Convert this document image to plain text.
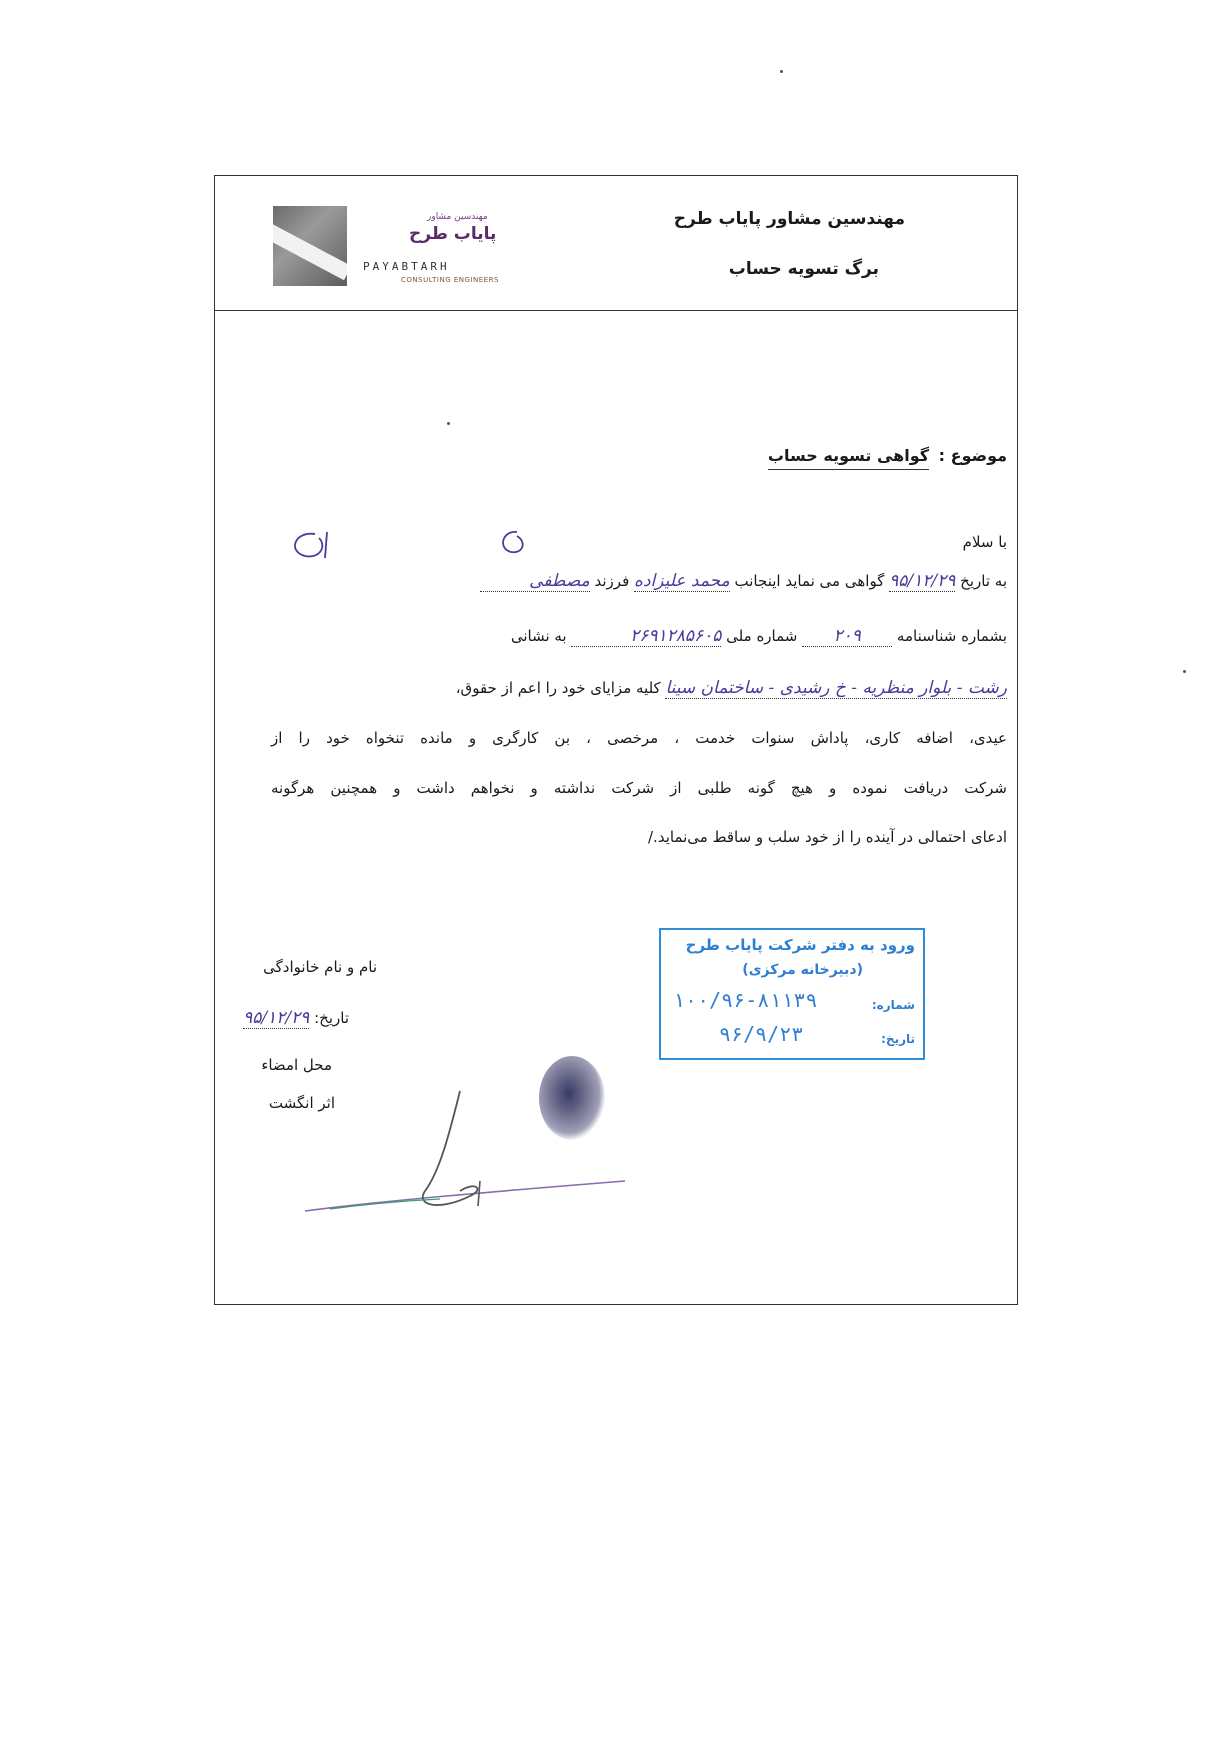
مهندسین مشاور پایاب طرح
برگ تسویه حساب
مهندسین مشاور
پایاب طرح
PAYABTARH
CONSULTING ENGINEERS
موضوع : گواهی تسویه حساب
با سلام
به تاریخ ۹۵/۱۲/۲۹ گواهی می نماید اینجانب محمد علیزاده فرزند مصطفی
بشماره شناسنامه ۲۰۹ شماره ملی ۲۶۹۱۲۸۵۶۰۵ به نشانی
رشت - بلوار منظریه - خ رشیدی - ساختمان سینا کلیه مزایای خود را اعم از حقوق،
عیدی، اضافه کاری، پاداش سنوات خدمت ، مرخصی ، بن کارگری و مانده تنخواه خود را از
شرکت دریافت نموده و هیچ گونه طلبی از شرکت نداشته و نخواهم داشت و همچنین هرگونه
ادعای احتمالی در آینده را از خود سلب و ساقط می‌نماید./
نام و نام خانوادگی
تاریخ: ۹۵/۱۲/۲۹
محل امضاء
اثر انگشت
ورود به دفتر شرکت پایاب طرح
(دبیرخانه مرکزی)
شماره:
۱۰۰/۹۶-۸۱۱۳۹
تاریخ:
۹۶/۹/۲۳
